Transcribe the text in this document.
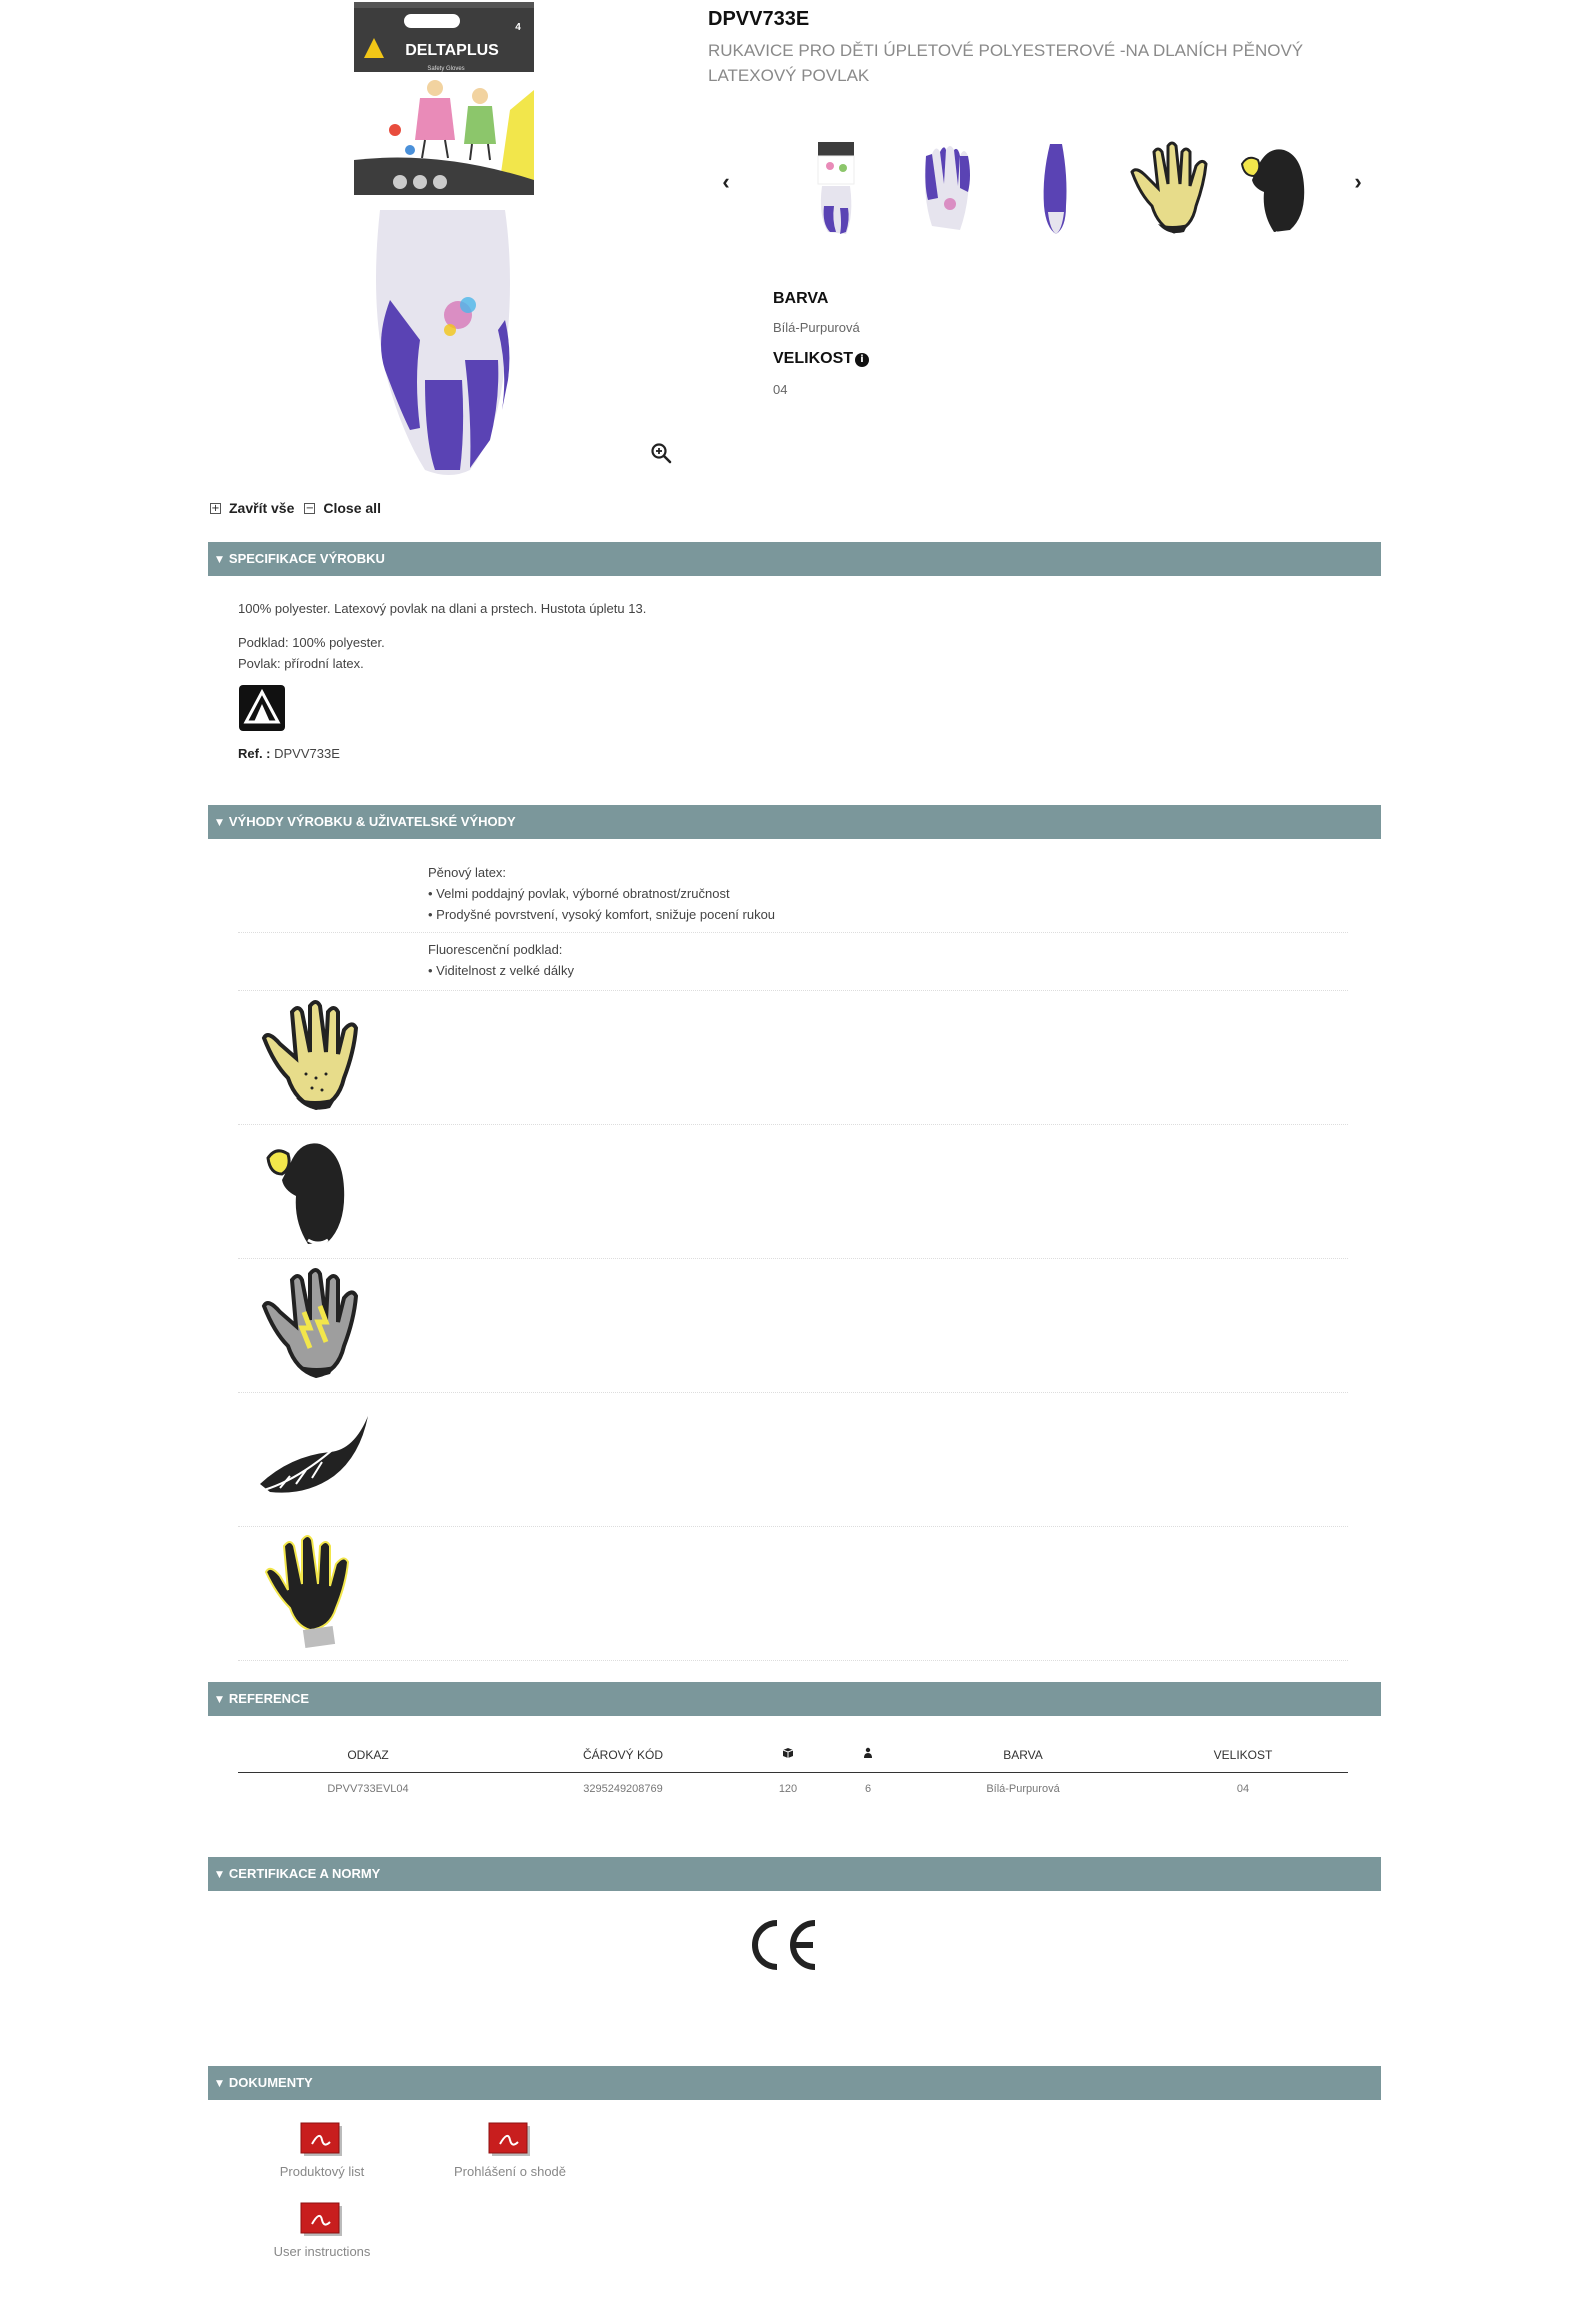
DELTAPLUS
Safety Gloves
4	DPVV733E
RUKAVICE PRO DĚTI ÚPLETOVÉ POLYESTEROVÉ -NA DLANÍCH PĚNOVÝ LATEXOVÝ POVLAK
‹	›
BARVA
Bílá-Purpurová
VELIKOST i
04
+ Zavřít vše − Close all
▼ SPECIFIKACE VÝROBKU
100% polyester. Latexový povlak na dlani a prstech. Hustota úpletu 13.
Podklad: 100% polyester.
Povlak: přírodní latex.
Ref. : DPVV733E
▼ VÝHODY VÝROBKU & UŽIVATELSKÉ VÝHODY
Pěnový latex:
• Velmi poddajný povlak, výborné obratnost/zručnost
• Prodyšné povrstvení, vysoký komfort, snižuje pocení rukou
Fluorescenční podklad:
• Viditelnost z velké dálky
▼ REFERENCE
ODKAZ	ČÁROVÝ KÓD			BARVA	VELIKOST
DPVV733EVL04	3295249208769	120	6	Bílá-Purpurová	04
▼ CERTIFIKACE A NORMY
▼ DOKUMENTY
Produktový list	Prohlášení o shodě
User instructions
